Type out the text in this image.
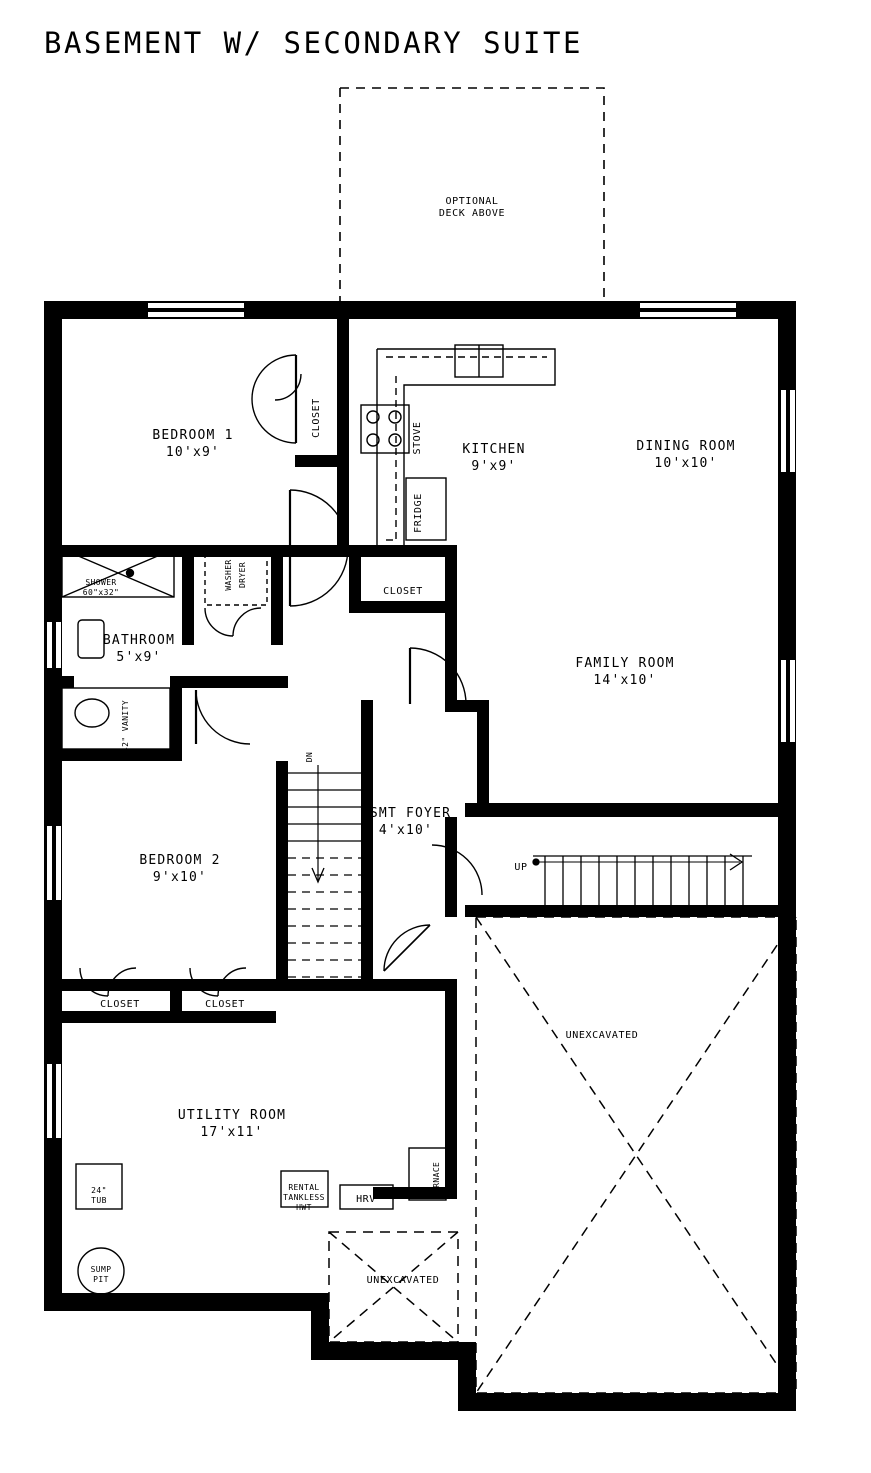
BASEMENT W/ SECONDARY SUITE
BEDROOM 1
10'x9'	KITCHEN
9'x9'
DINING ROOM
10'x10'
BATHROOM
5'x9'	FAMILY ROOM
14'x10'
BSMT FOYER
4'x10'
BEDROOM 2
9'x10'
UTILITY ROOM
17'x11'
CLOSET
STOVE
FRIDGE
CLOSET
WASHER DRYER
42" VANITY
DN
UP
CLOSET	CLOSET
UNEXCAVATED
UNEXCAVATED
HRV
FURNACE
SHOWER
60"x32"
RENTAL
TANKLESS
HWT
24"
TUB
SUMP
PIT
OPTIONAL
DECK ABOVE
